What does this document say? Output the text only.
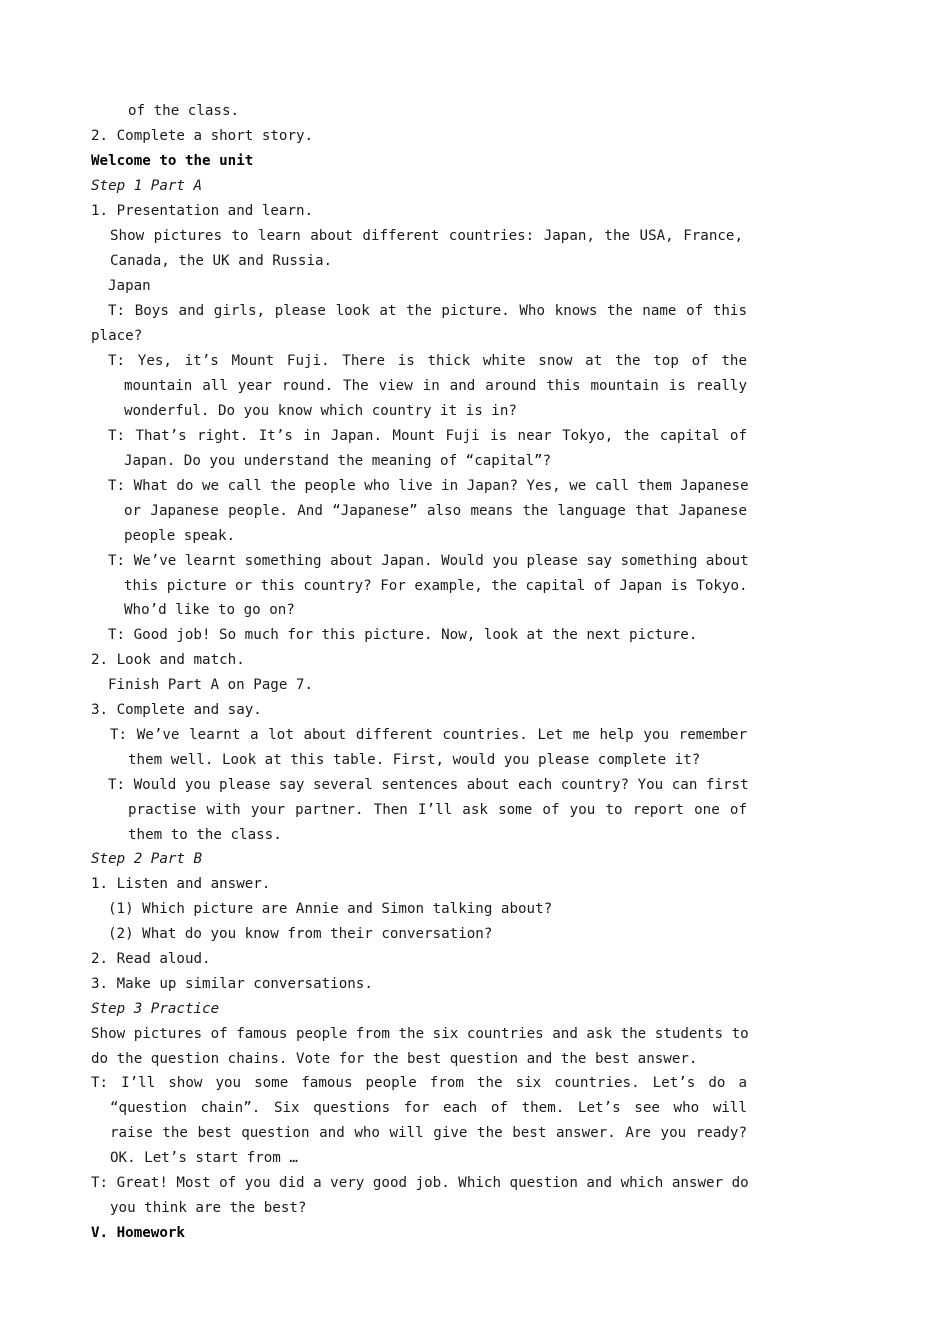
of the class.
2. Complete a short story.
Welcome to the unit
Step 1 Part A
1. Presentation and learn.
Show pictures to learn about different countries: Japan, the USA, France,
Canada, the UK and Russia.
Japan
T: Boys and girls, please look at the picture. Who knows the name of this
place?
T: Yes, it’s Mount Fuji. There is thick white snow at the top of the
mountain all year round. The view in and around this mountain is really
wonderful. Do you know which country it is in?
T: That’s right. It’s in Japan. Mount Fuji is near Tokyo, the capital of
Japan. Do you understand the meaning of “capital”?
T: What do we call the people who live in Japan? Yes, we call them Japanese
or Japanese people. And “Japanese” also means the language that Japanese
people speak.
T: We’ve learnt something about Japan. Would you please say something about
this picture or this country? For example, the capital of Japan is Tokyo.
Who’d like to go on?
T: Good job! So much for this picture. Now, look at the next picture.
2. Look and match.
Finish Part A on Page 7.
3. Complete and say.
T: We’ve learnt a lot about different countries. Let me help you remember
them well. Look at this table. First, would you please complete it?
T: Would you please say several sentences about each country? You can first
practise with your partner. Then I’ll ask some of you to report one of
them to the class.
Step 2 Part B
1. Listen and answer.
(1) Which picture are Annie and Simon talking about?
(2) What do you know from their conversation?
2. Read aloud.
3. Make up similar conversations.
Step 3 Practice
Show pictures of famous people from the six countries and ask the students to
do the question chains. Vote for the best question and the best answer.
T: I’ll show you some famous people from the six countries. Let’s do a
“question chain”. Six questions for each of them. Let’s see who will
raise the best question and who will give the best answer. Are you ready?
OK. Let’s start from …
T: Great! Most of you did a very good job. Which question and which answer do
you think are the best?
V. Homework
